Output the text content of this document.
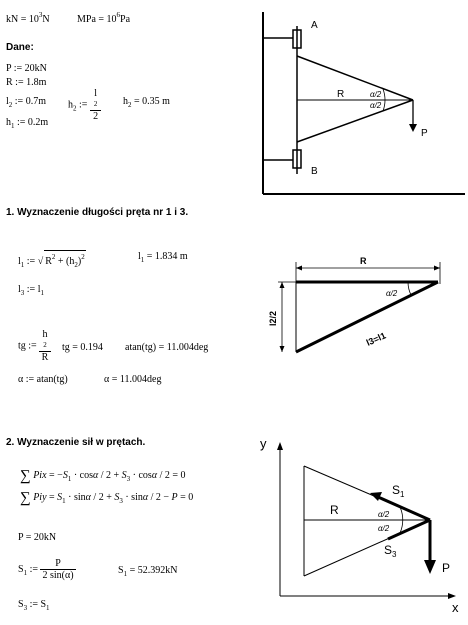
kN = $10^3N$	MPa = $10^6Pa$
Dane:
P := 20kN
R := 1.8m
$l_2$ := 0.7m $h_2$ := l
2
2 $h_2 = 0.35$ m
$h_1$ := 0.2m
A
B
R
P
α/2
α/2
1. Wyznaczenie długości pręta nr 1 i 3.
$l_1$ := √ $R^2 + (h_2)^2$	$l_1 = 1.834$ m
$l_3$ := $l_1$
tg := h
2
R tg = 0.194 atan(tg) = 11.004deg
α := atan(tg)	α = 11.004deg
R
l2/2
α/2
l3=l1
2. Wyznaczenie sił w prętach.
∑ Pix = $-S_1 \cdot \cos\alpha / 2 + S_3 \cdot \cos\alpha / 2 = 0$
∑ Piy = $S_1 \cdot \sin\alpha / 2 + S_3 \cdot \sin\alpha / 2 - P = 0$
P = 20kN
$S_1$ := $\frac{P}{2 \sin(\alpha)}$	$S_1 = 52.392kN$
$S_3$ := $S_1$
y
x
R
$S_1$
$S_3$
P
α/2
α/2
